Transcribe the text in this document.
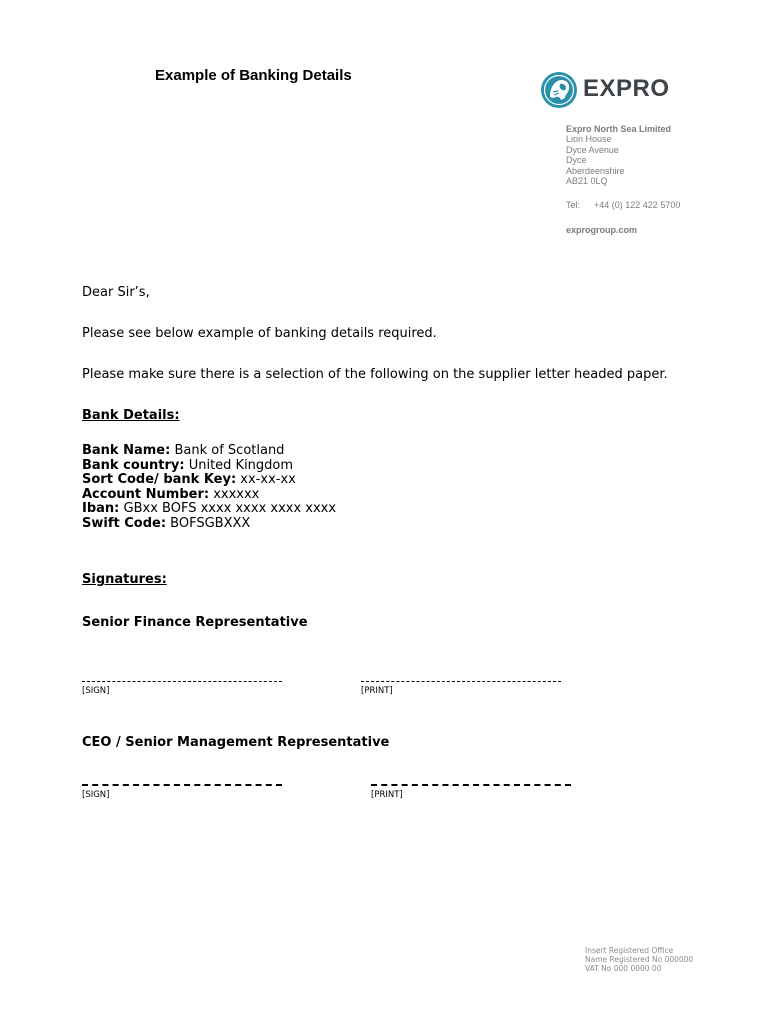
Example of Banking Details	EXPRO
Expro North Sea Limited
Lion House
Dyce Avenue
Dyce
Aberdeenshire
AB21 0LQ
Tel: +44 (0) 122 422 5700
exprogroup.com
Dear Sir’s,
Please see below example of banking details required.
Please make sure there is a selection of the following on the supplier letter headed paper.
Bank Details:
Bank Name: Bank of Scotland
Bank country: United Kingdom
Sort Code/ bank Key: xx-xx-xx
Account Number: xxxxxx
Iban: GBxx BOFS xxxx xxxx xxxx xxxx
Swift Code: BOFSGBXXX
Signatures:
Senior Finance Representative
[SIGN]	[PRINT]
CEO / Senior Management Representative
[SIGN]	[PRINT]
Insert Registered Office Name Registered No 000000 VAT No 000 0000 00
